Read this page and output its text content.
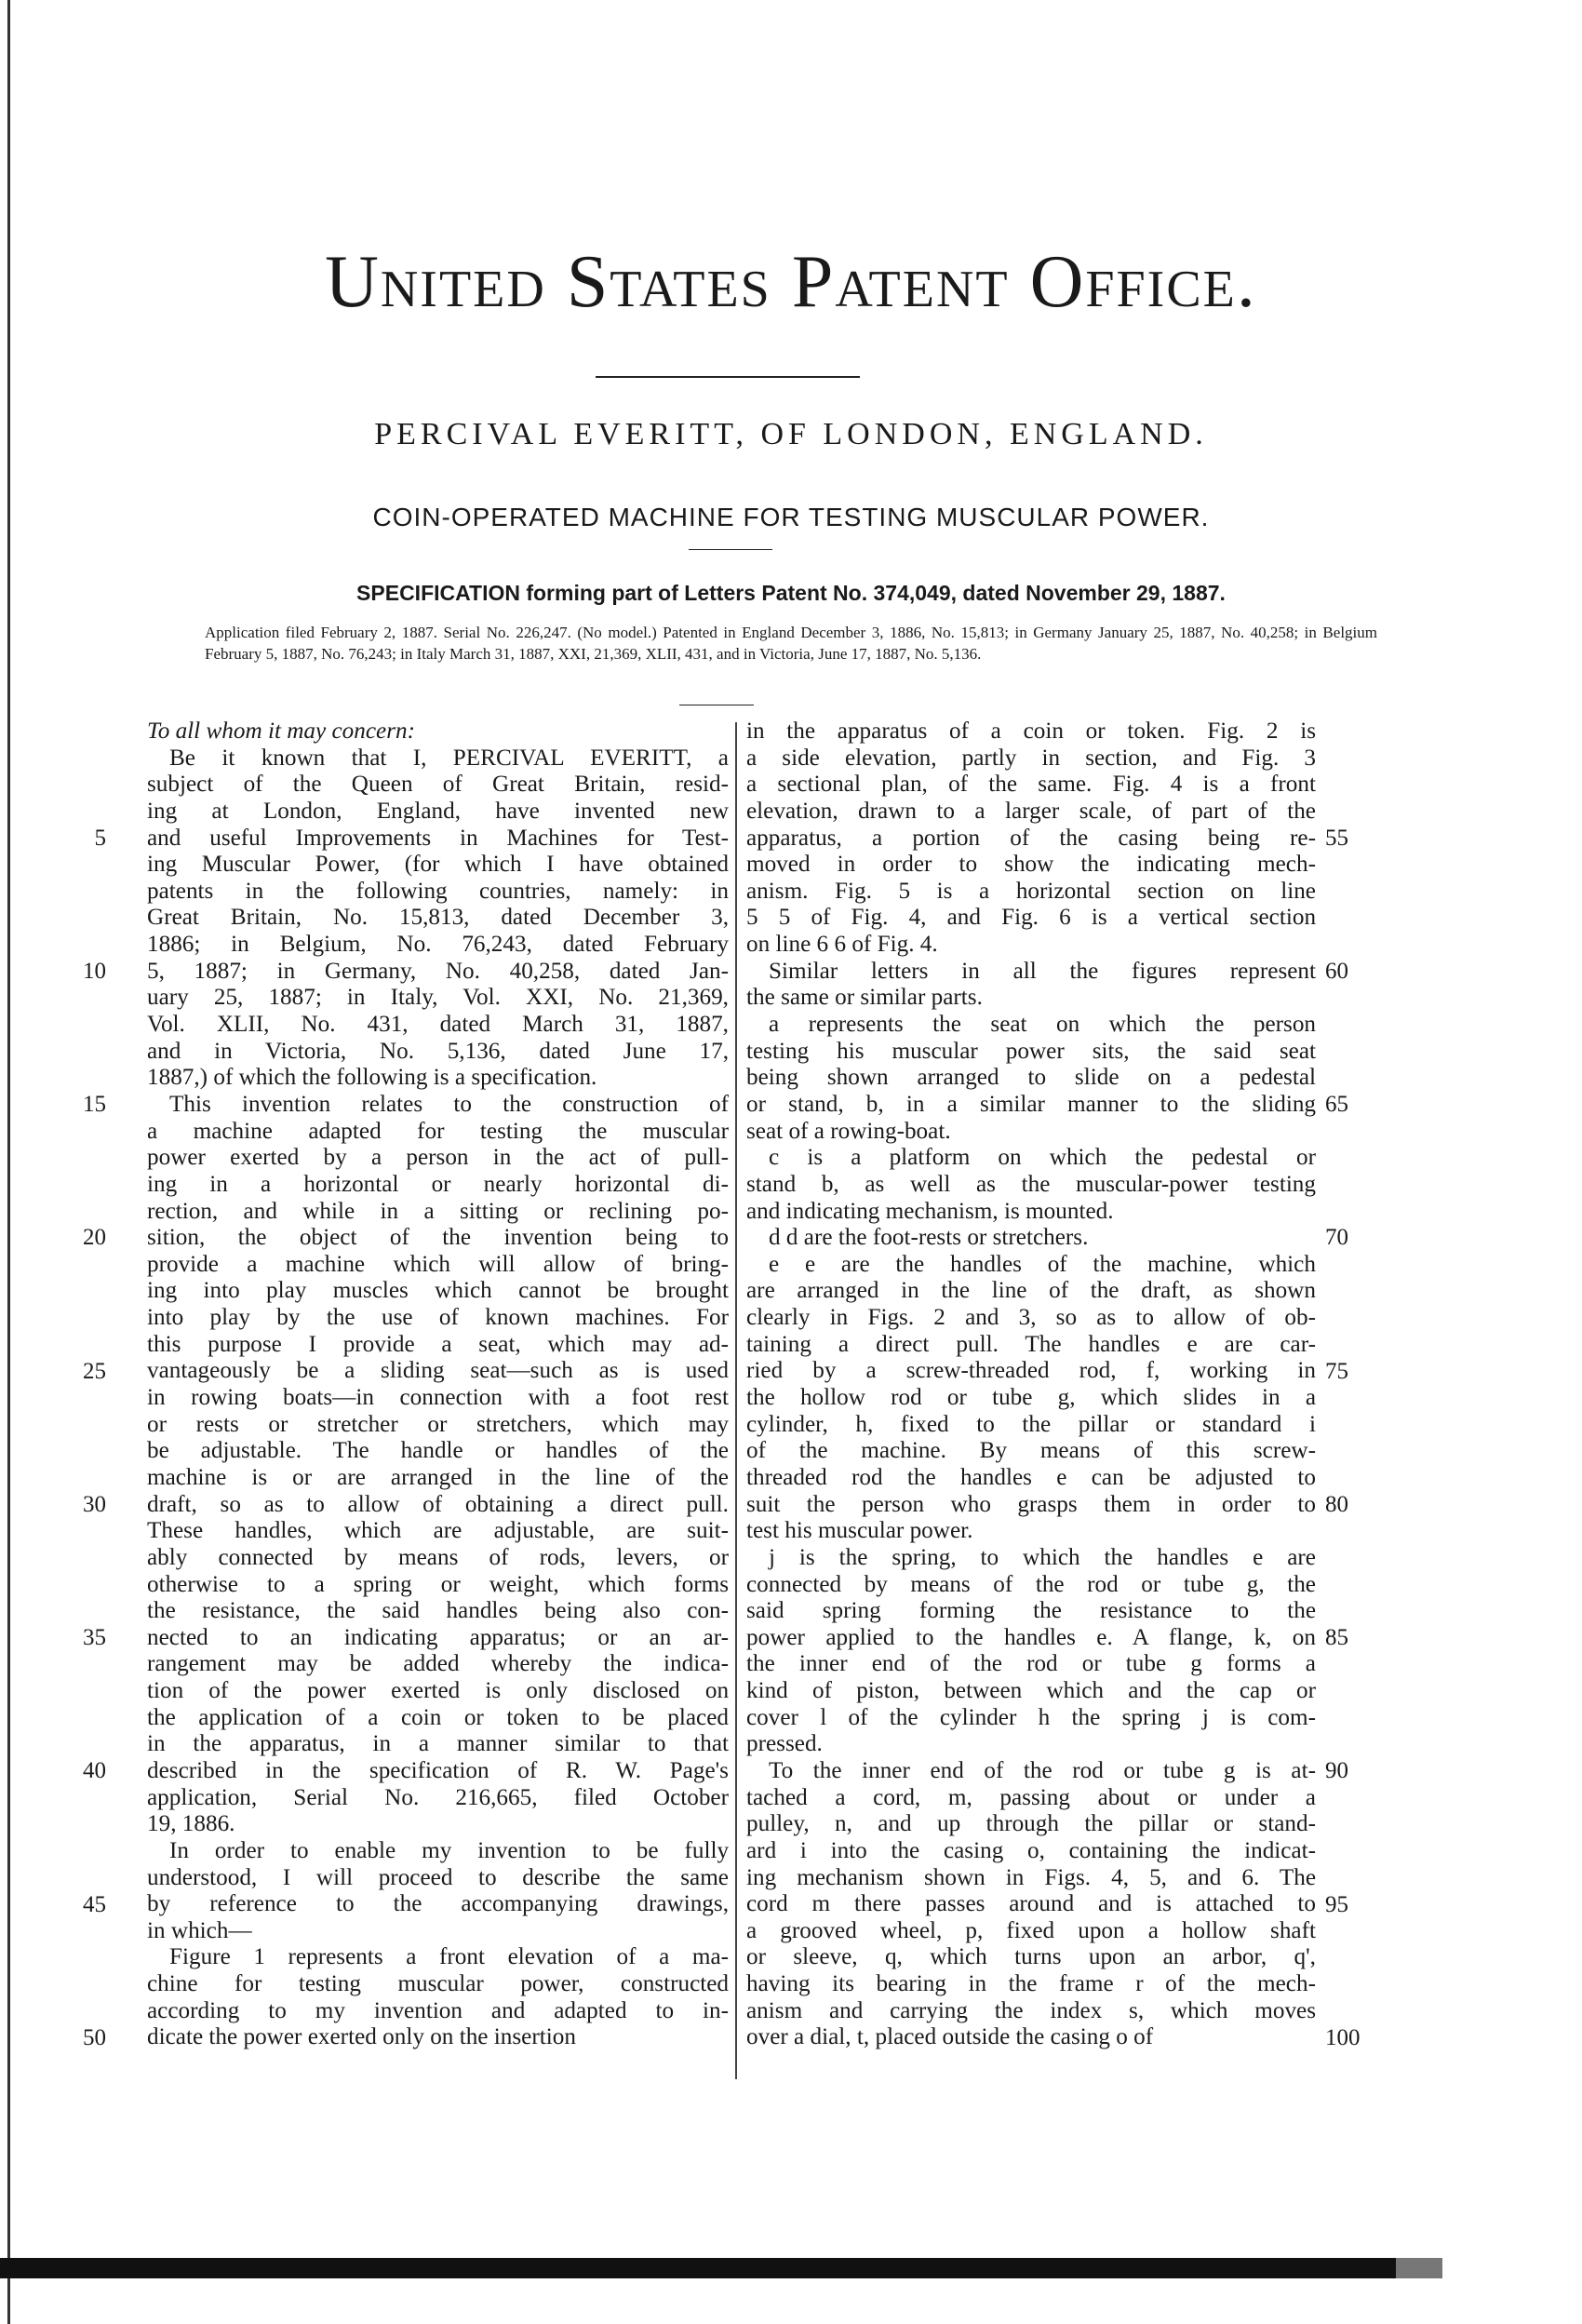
United States Patent Office.
PERCIVAL EVERITT, OF LONDON, ENGLAND.
COIN-OPERATED MACHINE FOR TESTING MUSCULAR POWER.
SPECIFICATION forming part of Letters Patent No. 374,049, dated November 29, 1887.
Application filed February 2, 1887. Serial No. 226,247. (No model.) Patented in England December 3, 1886, No. 15,813; in Germany January 25, 1887, No. 40,258; in Belgium February 5, 1887, No. 76,243; in Italy March 31, 1887, XXI, 21,369, XLII, 431, and in Victoria, June 17, 1887, No. 5,136.
To all whom it may concern:
Be it known that I, PERCIVAL EVERITT, a
subject of the Queen of Great Britain, resid-
ing at London, England, have invented new
and useful Improvements in Machines for Test-
ing Muscular Power, (for which I have obtained
patents in the following countries, namely: in
Great Britain, No. 15,813, dated December 3,
1886; in Belgium, No. 76,243, dated February
5, 1887; in Germany, No. 40,258, dated Jan-
uary 25, 1887; in Italy, Vol. XXI, No. 21,369,
Vol. XLII, No. 431, dated March 31, 1887,
and in Victoria, No. 5,136, dated June 17,
1887,) of which the following is a specification.
This invention relates to the construction of
a machine adapted for testing the muscular
power exerted by a person in the act of pull-
ing in a horizontal or nearly horizontal di-
rection, and while in a sitting or reclining po-
sition, the object of the invention being to
provide a machine which will allow of bring-
ing into play muscles which cannot be brought
into play by the use of known machines. For
this purpose I provide a seat, which may ad-
vantageously be a sliding seat—such as is used
in rowing boats—in connection with a foot rest
or rests or stretcher or stretchers, which may
be adjustable. The handle or handles of the
machine is or are arranged in the line of the
draft, so as to allow of obtaining a direct pull.
These handles, which are adjustable, are suit-
ably connected by means of rods, levers, or
otherwise to a spring or weight, which forms
the resistance, the said handles being also con-
nected to an indicating apparatus; or an ar-
rangement may be added whereby the indica-
tion of the power exerted is only disclosed on
the application of a coin or token to be placed
in the apparatus, in a manner similar to that
described in the specification of R. W. Page's
application, Serial No. 216,665, filed October
19, 1886.
In order to enable my invention to be fully
understood, I will proceed to describe the same
by reference to the accompanying drawings,
in which—
Figure 1 represents a front elevation of a ma-
chine for testing muscular power, constructed
according to my invention and adapted to in-
dicate the power exerted only on the insertion
in the apparatus of a coin or token. Fig. 2 is
a side elevation, partly in section, and Fig. 3
a sectional plan, of the same. Fig. 4 is a front
elevation, drawn to a larger scale, of part of the
apparatus, a portion of the casing being re-
moved in order to show the indicating mech-
anism. Fig. 5 is a horizontal section on line
5 5 of Fig. 4, and Fig. 6 is a vertical section
on line 6 6 of Fig. 4.
Similar letters in all the figures represent
the same or similar parts.
a represents the seat on which the person
testing his muscular power sits, the said seat
being shown arranged to slide on a pedestal
or stand, b, in a similar manner to the sliding
seat of a rowing-boat.
c is a platform on which the pedestal or
stand b, as well as the muscular-power testing
and indicating mechanism, is mounted.
d d are the foot-rests or stretchers.
e e are the handles of the machine, which
are arranged in the line of the draft, as shown
clearly in Figs. 2 and 3, so as to allow of ob-
taining a direct pull. The handles e are car-
ried by a screw-threaded rod, f, working in
the hollow rod or tube g, which slides in a
cylinder, h, fixed to the pillar or standard i
of the machine. By means of this screw-
threaded rod the handles e can be adjusted to
suit the person who grasps them in order to
test his muscular power.
j is the spring, to which the handles e are
connected by means of the rod or tube g, the
said spring forming the resistance to the
power applied to the handles e. A flange, k, on
the inner end of the rod or tube g forms a
kind of piston, between which and the cap or
cover l of the cylinder h the spring j is com-
pressed.
To the inner end of the rod or tube g is at-
tached a cord, m, passing about or under a
pulley, n, and up through the pillar or stand-
ard i into the casing o, containing the indicat-
ing mechanism shown in Figs. 4, 5, and 6. The
cord m there passes around and is attached to
a grooved wheel, p, fixed upon a hollow shaft
or sleeve, q, which turns upon an arbor, q',
having its bearing in the frame r of the mech-
anism and carrying the index s, which moves
over a dial, t, placed outside the casing o of
5
10
15
20
25
30
35
40
45
50
55
60
65
70
75
80
85
90
95
100
